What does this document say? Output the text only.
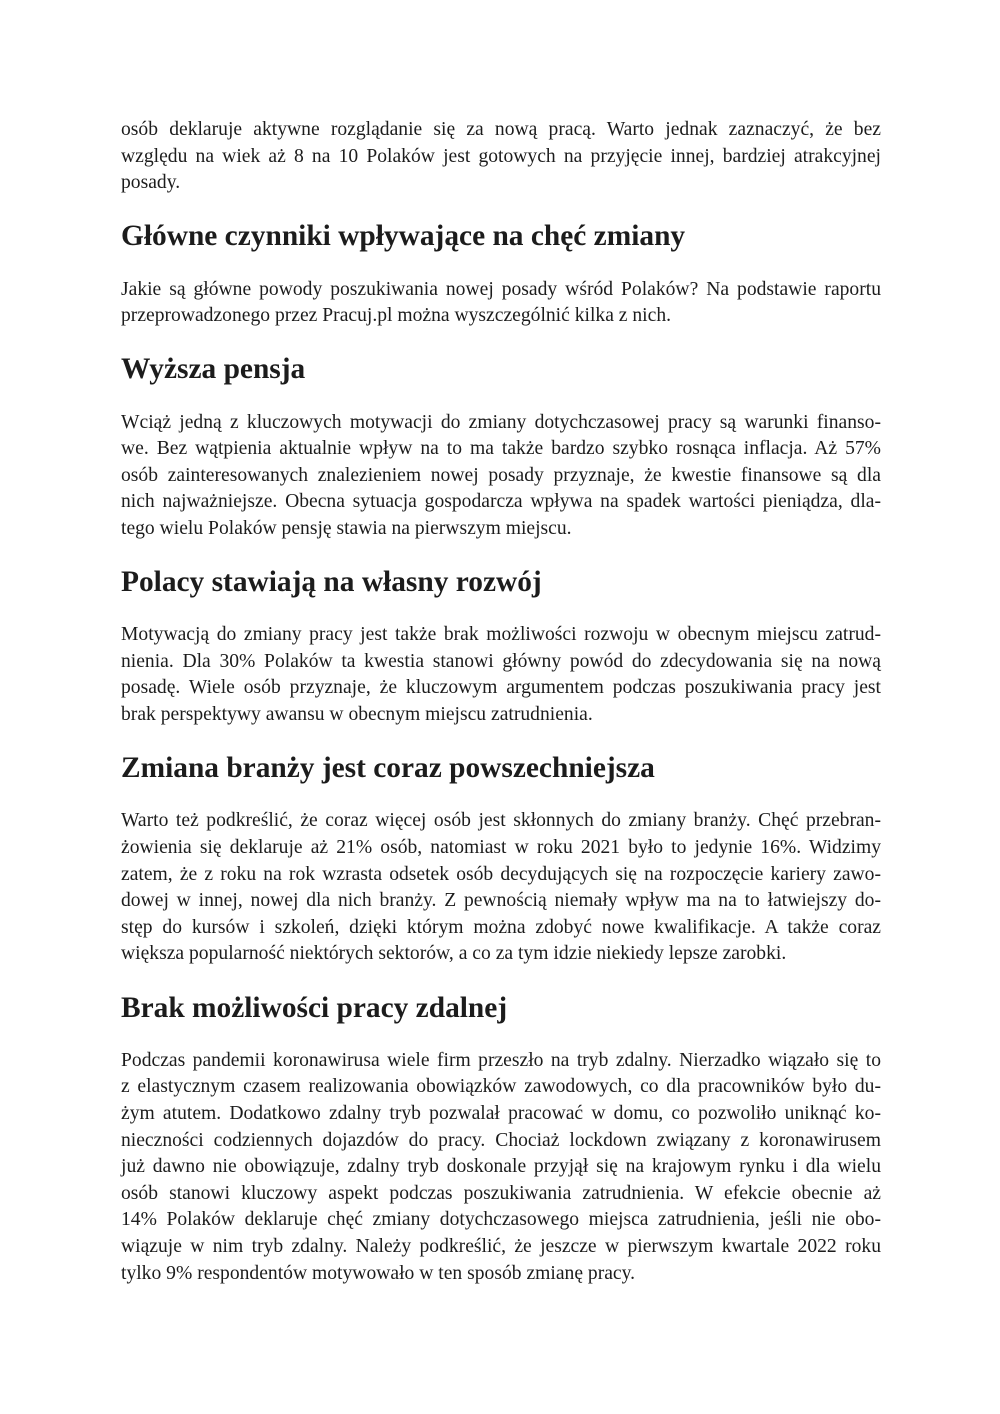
osób deklaruje aktywne rozglądanie się za nową pracą. Warto jednak zaznaczyć, że bez
względu na wiek aż 8 na 10 Polaków jest gotowych na przyjęcie innej, bardziej atrakcyjnej
posady.

Główne czynniki wpływające na chęć zmiany

Jakie są główne powody poszukiwania nowej posady wśród Polaków? Na podstawie raportu
przeprowadzonego przez Pracuj.pl można wyszczególnić kilka z nich.

Wyższa pensja

Wciąż jedną z kluczowych motywacji do zmiany dotychczasowej pracy są warunki finanso-
we. Bez wątpienia aktualnie wpływ na to ma także bardzo szybko rosnąca inflacja. Aż 57%
osób zainteresowanych znalezieniem nowej posady przyznaje, że kwestie finansowe są dla
nich najważniejsze. Obecna sytuacja gospodarcza wpływa na spadek wartości pieniądza, dla-
tego wielu Polaków pensję stawia na pierwszym miejscu.

Polacy stawiają na własny rozwój

Motywacją do zmiany pracy jest także brak możliwości rozwoju w obecnym miejscu zatrud-
nienia. Dla 30% Polaków ta kwestia stanowi główny powód do zdecydowania się na nową
posadę. Wiele osób przyznaje, że kluczowym argumentem podczas poszukiwania pracy jest
brak perspektywy awansu w obecnym miejscu zatrudnienia.

Zmiana branży jest coraz powszechniejsza

Warto też podkreślić, że coraz więcej osób jest skłonnych do zmiany branży. Chęć przebran-
żowienia się deklaruje aż 21% osób, natomiast w roku 2021 było to jedynie 16%. Widzimy
zatem, że z roku na rok wzrasta odsetek osób decydujących się na rozpoczęcie kariery zawo-
dowej w innej, nowej dla nich branży. Z pewnością niemały wpływ ma na to łatwiejszy do-
stęp do kursów i szkoleń, dzięki którym można zdobyć nowe kwalifikacje. A także coraz
większa popularność niektórych sektorów, a co za tym idzie niekiedy lepsze zarobki.

Brak możliwości pracy zdalnej

Podczas pandemii koronawirusa wiele firm przeszło na tryb zdalny. Nierzadko wiązało się to
z elastycznym czasem realizowania obowiązków zawodowych, co dla pracowników było du-
żym atutem. Dodatkowo zdalny tryb pozwalał pracować w domu, co pozwoliło uniknąć ko-
nieczności codziennych dojazdów do pracy. Chociaż lockdown związany z koronawirusem
już dawno nie obowiązuje, zdalny tryb doskonale przyjął się na krajowym rynku i dla wielu
osób stanowi kluczowy aspekt podczas poszukiwania zatrudnienia. W efekcie obecnie aż
14% Polaków deklaruje chęć zmiany dotychczasowego miejsca zatrudnienia, jeśli nie obo-
wiązuje w nim tryb zdalny. Należy podkreślić, że jeszcze w pierwszym kwartale 2022 roku
tylko 9% respondentów motywowało w ten sposób zmianę pracy.
